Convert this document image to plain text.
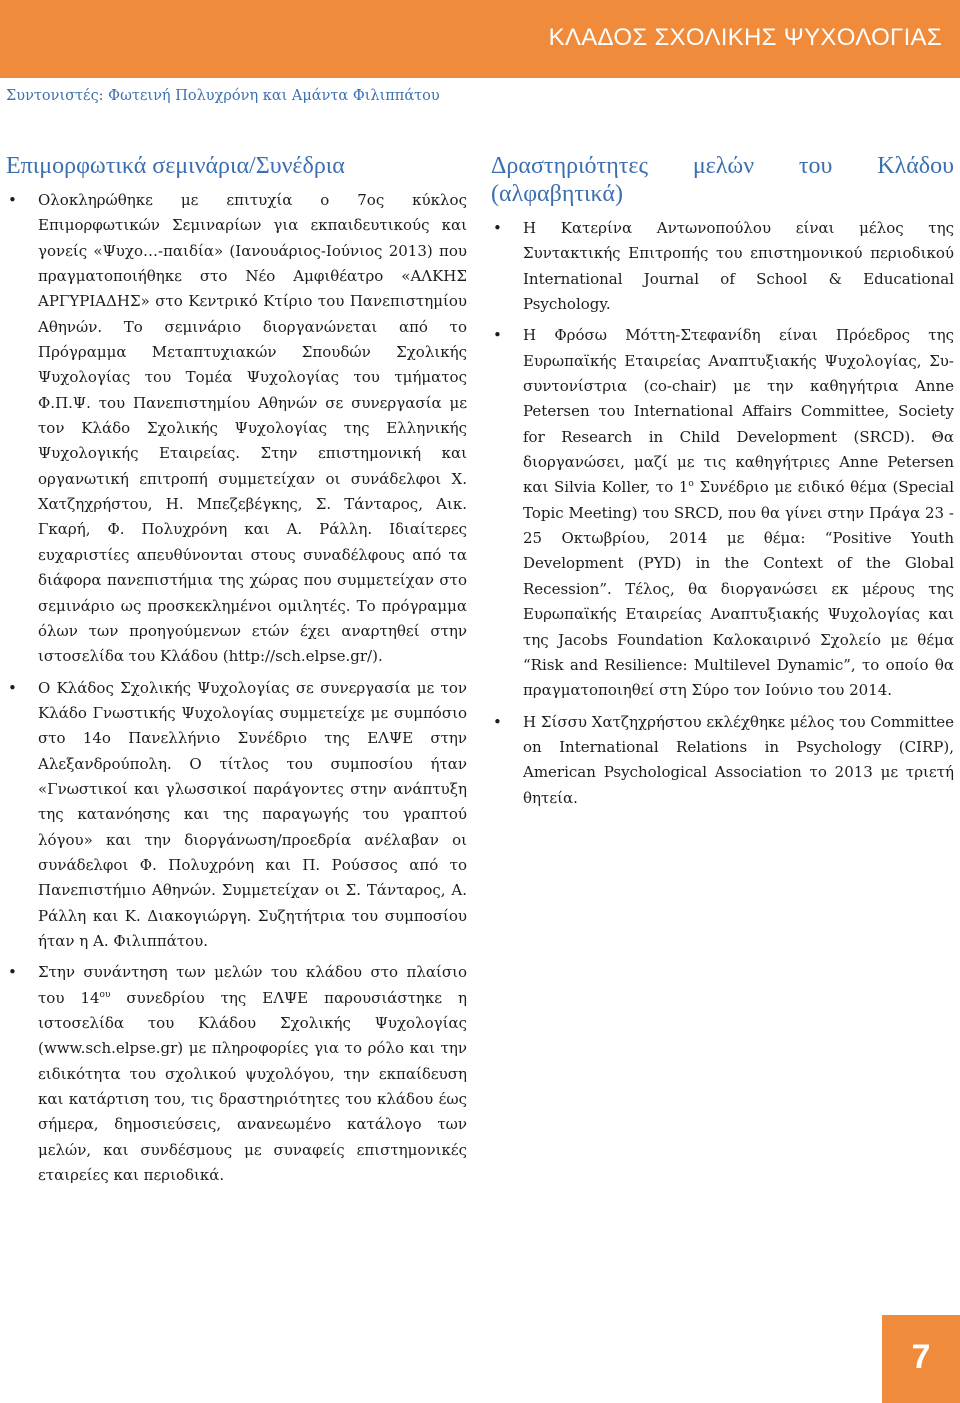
ΚΛΑΔΟΣ ΣΧΟΛΙΚΗΣ ΨΥΧΟΛΟΓΙΑΣ
Συντονιστές: Φωτεινή Πολυχρόνη και Αμάντα Φιλιππάτου
Επιμορφωτικά σεμινάρια/Συνέδρια
• Ολοκληρώθηκε με επιτυχία ο 7ος κύκλος Επιμορφωτικών Σεμιναρίων για εκπαιδευτικούς και γονείς «Ψυχο…-παιδία» (Ιανουάριος-Ιούνιος 2013) που πραγματοποιήθηκε στο Νέο Αμφιθέατρο «ΑΛΚΗΣ ΑΡΓΥΡΙΑΔΗΣ» στο Κεντρικό Κτίριο του Πανεπιστημίου Αθηνών. Το σεμινάριο διοργανώνεται από το Πρόγραμμα Μεταπτυχιακών Σπουδών Σχολικής Ψυχολογίας του Τομέα Ψυχολογίας του τμήματος Φ.Π.Ψ. του Πανεπιστημίου Αθηνών σε συνεργασία με τον Κλάδο Σχολικής Ψυχολογίας της Ελληνικής Ψυχολογικής Εταιρείας. Στην επιστημονική και οργανωτική επιτροπή συμμετείχαν οι συνάδελφοι Χ. Χατζηχρήστου, Η. Μπεζεβέγκης, Σ. Τάνταρος, Αικ. Γκαρή, Φ. Πολυχρόνη και Α. Ράλλη. Ιδιαίτερες ευχαριστίες απευθύνονται στους συναδέλφους από τα διάφορα πανεπιστήμια της χώρας που συμμετείχαν στο σεμινάριο ως προσκεκλημένοι ομιλητές. Το πρόγραμμα όλων των προηγούμενων ετών έχει αναρτηθεί στην ιστοσελίδα του Κλάδου (http://sch.elpse.gr/).
• Ο Κλάδος Σχολικής Ψυχολογίας σε συνεργασία με τον Κλάδο Γνωστικής Ψυχολογίας συμμετείχε με συμπόσιο στο 14ο Πανελλήνιο Συνέδριο της ΕΛΨΕ στην Αλεξανδρούπολη. Ο τίτλος του συμποσίου ήταν «Γνωστικοί και γλωσσικοί παράγοντες στην ανάπτυξη της κατανόησης και της παραγωγής του γραπτού λόγου» και την διοργάνωση/προεδρία ανέλαβαν οι συνάδελφοι Φ. Πολυχρόνη και Π. Ρούσσος από το Πανεπιστήμιο Αθηνών. Συμμετείχαν οι Σ. Τάνταρος, Α. Ράλλη και Κ. Διακογιώργη. Συζητήτρια του συμποσίου ήταν η Α. Φιλιππάτου.
• Στην συνάντηση των μελών του κλάδου στο πλαίσιο του $14^{o\upsilon}$ συνεδρίου της ΕΛΨΕ παρουσιάστηκε η ιστοσελίδα του Κλάδου Σχολικής Ψυχολογίας (www.sch.elpse.gr) με πληροφορίες για το ρόλο και την ειδικότητα του σχολικού ψυχολόγου, την εκπαίδευση και κατάρτιση του, τις δραστηριότητες του κλάδου έως σήμερα, δημοσιεύσεις, ανανεωμένο κατάλογο των μελών, και συνδέσμους με συναφείς επιστημονικές εταιρείες και περιοδικά.
Δραστηριότητες μελών του Κλάδου (αλφαβητικά)
• Η Κατερίνα Αντωνοπούλου είναι μέλος της Συντακτικής Επιτροπής του επιστημονικού περιοδικού International Journal of School & Educational Psychology.
• Η Φρόσω Μόττη-Στεφανίδη είναι Πρόεδρος της Ευρωπαϊκής Εταιρείας Αναπτυξιακής Ψυχολογίας, Συ-συντονίστρια (co-chair) με την καθηγήτρια Anne Petersen του International Affairs Committee, Society for Research in Child Development (SRCD). Θα διοργανώσει, μαζί με τις καθηγήτριες Anne Petersen και Silvia Koller, το $1^o$ Συνέδριο με ειδικό θέμα (Special Topic Meeting) του SRCD, που θα γίνει στην Πράγα 23 - 25 Οκτωβρίου, 2014 με θέμα: “Positive Youth Development (PYD) in the Context of the Global Recession”. Τέλος, θα διοργανώσει εκ μέρους της Ευρωπαϊκής Εταιρείας Αναπτυξιακής Ψυχολογίας και της Jacobs Foundation Καλοκαιρινό Σχολείο με θέμα “Risk and Resilience: Multilevel Dynamic”, το οποίο θα πραγματοποιηθεί στη Σύρο τον Ιούνιο του 2014.
• Η Σίσσυ Χατζηχρήστου εκλέχθηκε μέλος του Committee on International Relations in Psychology (CIRP), American Psychological Association το 2013 με τριετή θητεία.
7
